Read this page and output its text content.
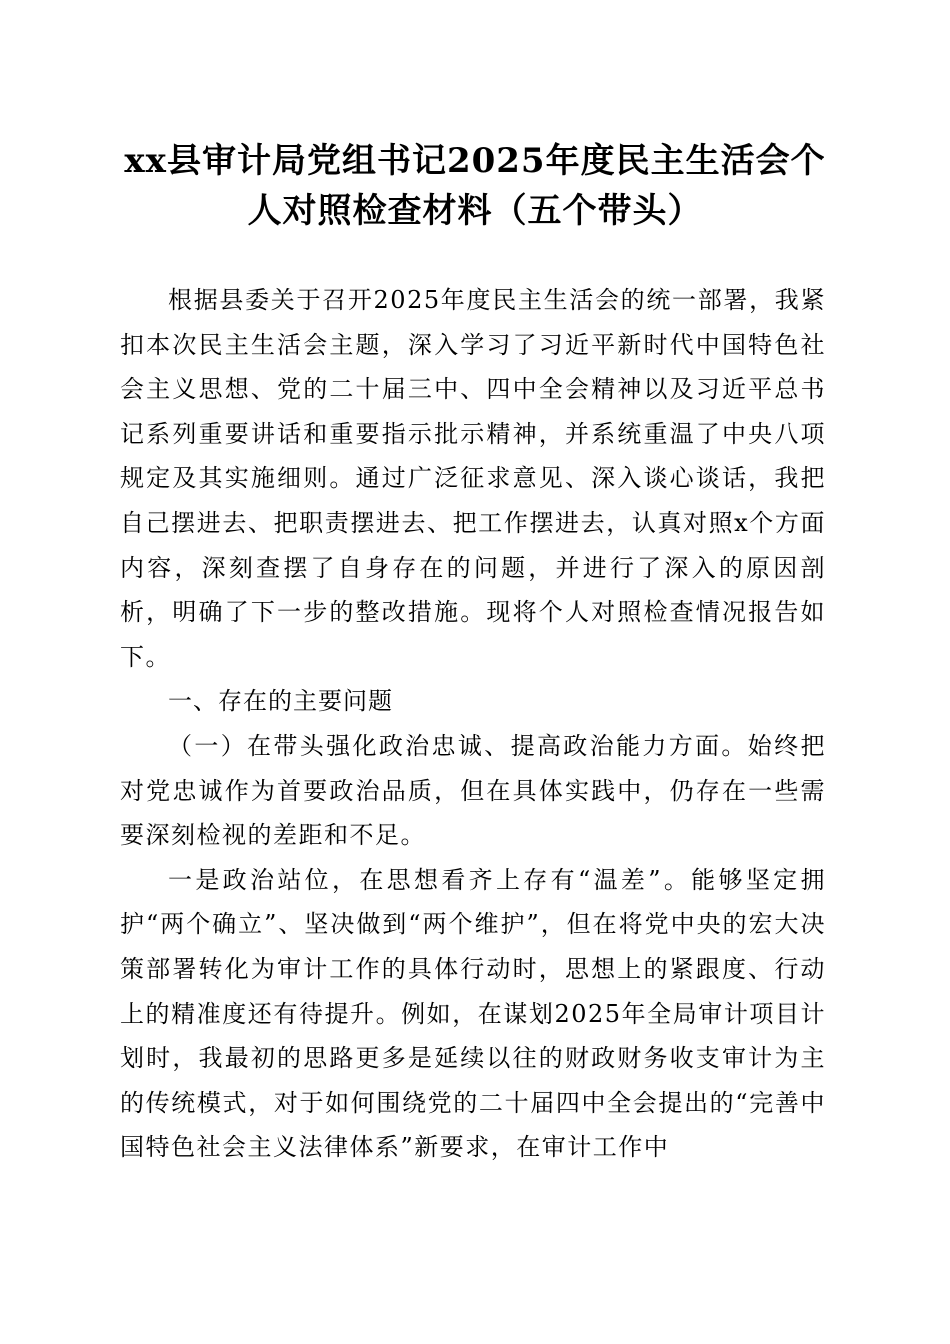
xx县审计局党组书记2025年度民主生活会个
人对照检查材料（五个带头）

根据县委关于召开2025年度民主生活会的统一部署，我紧扣本次民主生活会主题，深入学习了习近平新时代中国特色社会主义思想、党的二十届三中、四中全会精神以及习近平总书记系列重要讲话和重要指示批示精神，并系统重温了中央八项规定及其实施细则。通过广泛征求意见、深入谈心谈话，我把自己摆进去、把职责摆进去、把工作摆进去，认真对照x个方面内容，深刻查摆了自身存在的问题，并进行了深入的原因剖析，明确了下一步的整改措施。现将个人对照检查情况报告如下。

一、存在的主要问题

（一）在带头强化政治忠诚、提高政治能力方面。始终把对党忠诚作为首要政治品质，但在具体实践中，仍存在一些需要深刻检视的差距和不足。

一是政治站位，在思想看齐上存有“温差”。能够坚定拥护“两个确立”、坚决做到“两个维护”，但在将党中央的宏大决策部署转化为审计工作的具体行动时，思想上的紧跟度、行动上的精准度还有待提升。例如，在谋划2025年全局审计项目计划时，我最初的思路更多是延续以往的财政财务收支审计为主的传统模式，对于如何围绕党的二十届四中全会提出的“完善中国特色社会主义法律体系”新要求，在审计工作中
